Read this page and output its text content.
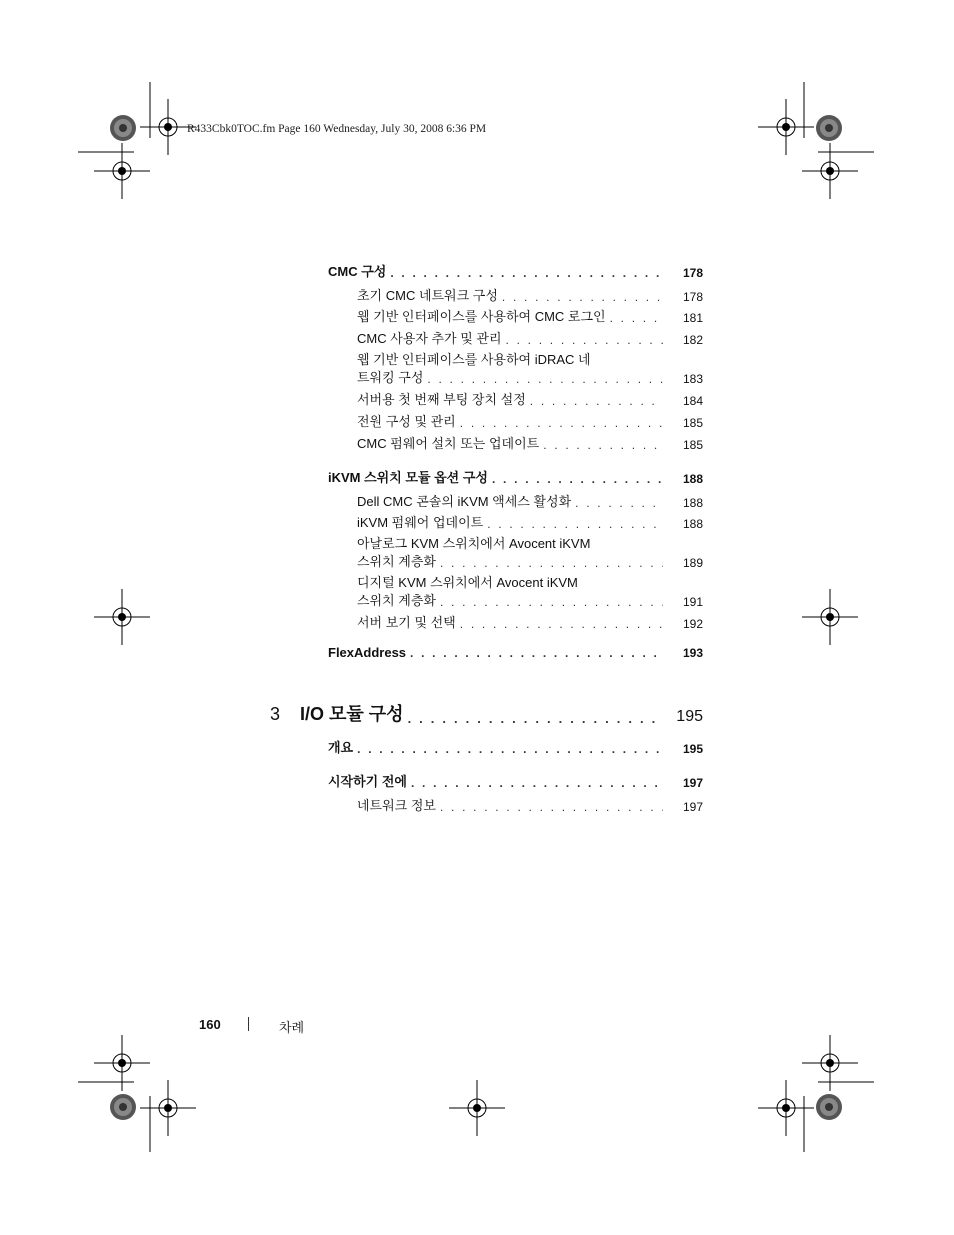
R433Cbk0TOC.fm Page 160 Wednesday, July 30, 2008 6:36 PM
CMC 구성 . . .	178
초기 CMC 네트워크 구성 . . .	178
웹 기반 인터페이스를 사용하여 CMC 로그인 . . .	181
CMC 사용자 추가 및 관리 . . .	182
웹 기반 인터페이스를 사용하여 iDRAC 네
트워킹 구성 . . .	183
서버용 첫 번째 부팅 장치 설정 . . .	184
전원 구성 및 관리 . . .	185
CMC 펌웨어 설치 또는 업데이트 . . .	185
iKVM 스위치 모듈 옵션 구성 . . .	188
Dell CMC 콘솔의 iKVM 액세스 활성화 . . .	188
iKVM 펌웨어 업데이트 . . .	188
아날로그 KVM 스위치에서 Avocent iKVM
스위치 계층화 . . .	189
디지털 KVM 스위치에서 Avocent iKVM
스위치 계층화 . . .	191
서버 보기 및 선택 . . .	192
FlexAddress . . .	193
3 I/O 모듈 구성 . . .	195
개요 . . .	195
시작하기 전에 . . .	197
네트워크 정보 . . .	197
160	차례
